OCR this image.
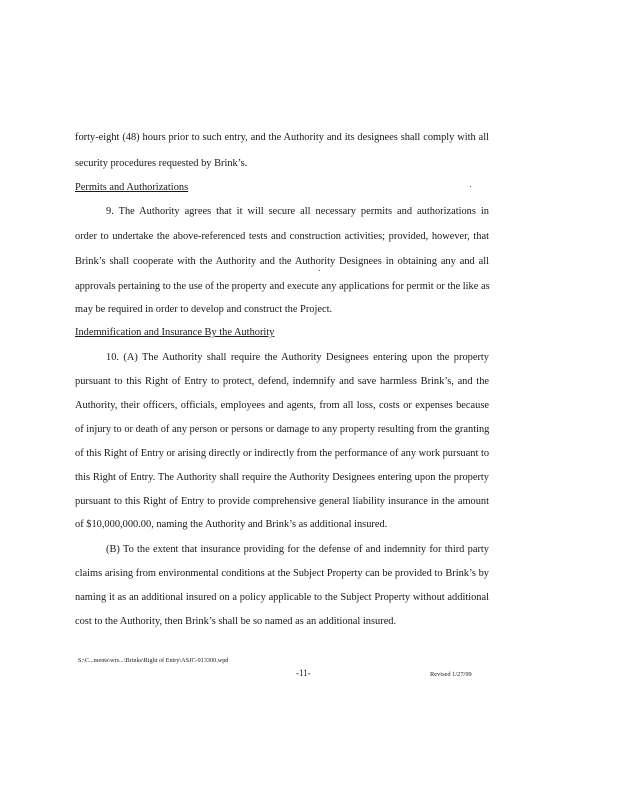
forty-eight (48) hours prior to such entry, and the Authority and its designees shall comply with all
security procedures requested by Brink’s.
Permits and Authorizations
9. The Authority agrees that it will secure all necessary permits and authorizations in
order to undertake the above-referenced tests and construction activities; provided, however, that
Brink’s shall cooperate with the Authority and the Authority Designees in obtaining any and all
approvals pertaining to the use of the property and execute any applications for permit or the like as
may be required in order to develop and construct the Project.
Indemnification and Insurance By the Authority
10. (A) The Authority shall require the Authority Designees entering upon the property
pursuant to this Right of Entry to protect, defend, indemnify and save harmless Brink’s, and the
Authority, their officers, officials, employees and agents, from all loss, costs or expenses because
of injury to or death of any person or persons or damage to any property resulting from the granting
of this Right of Entry or arising directly or indirectly from the performance of any work pursuant to
this Right of Entry. The Authority shall require the Authority Designees entering upon the property
pursuant to this Right of Entry to provide comprehensive general liability insurance in the amount
of $10,000,000.00, naming the Authority and Brink’s as additional insured.
(B) To the extent that insurance providing for the defense of and indemnity for third party
claims arising from environmental conditions at the Subject Property can be provided to Brink’s by
naming it as an additional insured on a policy applicable to the Subject Property without additional
cost to the Authority, then Brink’s shall be so named as an additional insured.
S:\C...ments\wrs...\Brinks\Right of Entry\ASJC-913300.wpd
-11-	Revised 1/27/99
